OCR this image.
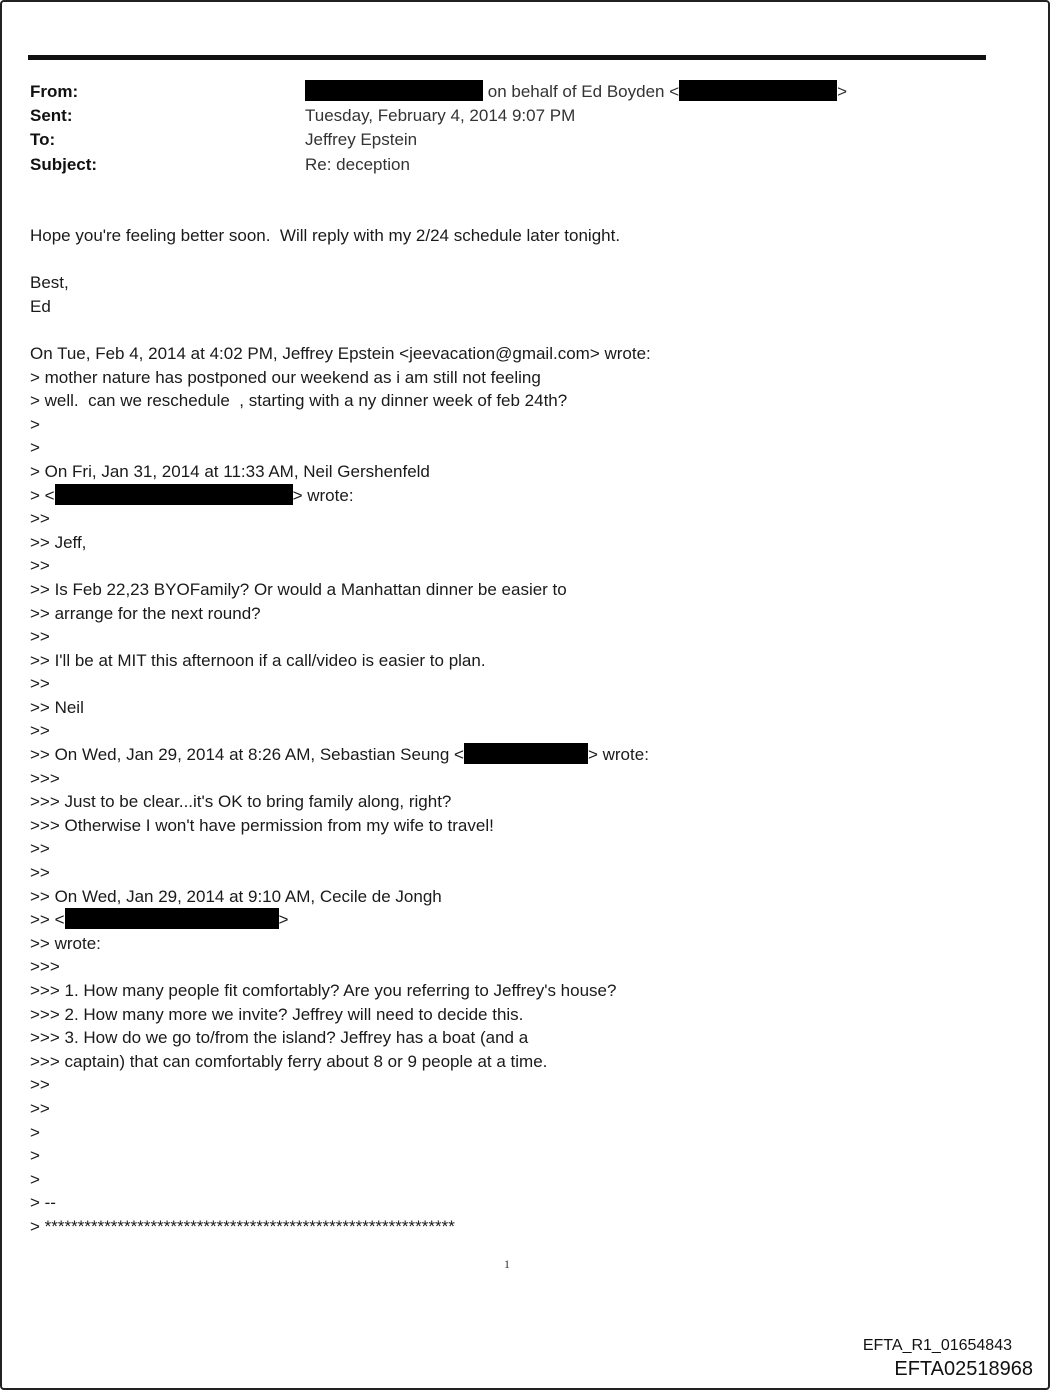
From:	on behalf of Ed Boyden <	>
Sent:	Tuesday, February 4, 2014 9:07 PM
To:	Jeffrey Epstein
Subject:	Re: deception
Hope you're feeling better soon.  Will reply with my 2/24 schedule later tonight.
Best,
Ed
On Tue, Feb 4, 2014 at 4:02 PM, Jeffrey Epstein <jeevacation@gmail.com> wrote:
> mother nature has postponed our weekend as i am still not feeling
> well.  can we reschedule  , starting with a ny dinner week of feb 24th?
>
>
> On Fri, Jan 31, 2014 at 11:33 AM, Neil Gershenfeld
> <	> wrote:
>>
>> Jeff,
>>
>> Is Feb 22,23 BYOFamily? Or would a Manhattan dinner be easier to
>> arrange for the next round?
>>
>> I'll be at MIT this afternoon if a call/video is easier to plan.
>>
>> Neil
>>
>> On Wed, Jan 29, 2014 at 8:26 AM, Sebastian Seung <	> wrote:
>>>
>>> Just to be clear...it's OK to bring family along, right?
>>> Otherwise I won't have permission from my wife to travel!
>>
>>
>> On Wed, Jan 29, 2014 at 9:10 AM, Cecile de Jongh
>> <	>
>> wrote:
>>>
>>> 1. How many people fit comfortably? Are you referring to Jeffrey's house?
>>> 2. How many more we invite? Jeffrey will need to decide this.
>>> 3. How do we go to/from the island? Jeffrey has a boat (and a
>>> captain) that can comfortably ferry about 8 or 9 people at a time.
>>
>>
>
>
>
> --
> **************************************************************
1
EFTA_R1_01654843
EFTA02518968
